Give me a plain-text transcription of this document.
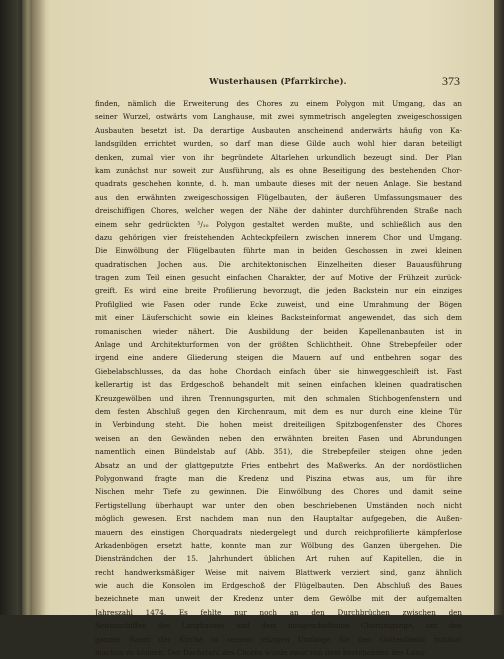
Wusterhausen (Pfarrkirche).	373
finden, nämlich die Erweiterung des Chores zu einem Polygon mit Umgang, das an
seiner Wurzel, ostwärts vom Langhause, mit zwei symmetrisch angelegten zweigeschossigen
Ausbauten besetzt ist. Da derartige Ausbauten anscheinend anderwärts häufig von Ka-
landsgilden errichtet wurden, so darf man diese Gilde auch wohl hier daran beteiligt
denken, zumal vier von ihr begründete Altarlehen urkundlich bezeugt sind. Der Plan
kam zunächst nur soweit zur Ausführung, als es ohne Beseitigung des bestehenden Chor-
quadrats geschehen konnte, d. h. man umbaute dieses mit der neuen Anlage. Sie bestand
aus den erwähnten zweigeschossigen Flügelbauten, der äußeren Umfassungsmauer des
dreischiffigen Chores, welcher wegen der Nähe der dahinter durchführenden Straße nach
einem sehr gedrückten ⁵/₁₀ Polygon gestaltet werden mußte, und schließlich aus den
dazu gehörigen vier freistehenden Achteckpfeilern zwischen innerem Chor und Umgang.
Die Einwölbung der Flügelbauten führte man in beiden Geschossen in zwei kleinen
quadratischen Jochen aus. Die architektonischen Einzelheiten dieser Bauausführung
tragen zum Teil einen gesucht einfachen Charakter, der auf Motive der Frühzeit zurück-
greift. Es wird eine breite Profilierung bevorzugt, die jeden Backstein nur ein einziges
Profilglied wie Fasen oder runde Ecke zuweist, und eine Umrahmung der Bögen
mit einer Läuferschicht sowie ein kleines Backsteinformat angewendet, das sich dem
romanischen wieder nähert. Die Ausbildung der beiden Kapellenanbauten ist in
Anlage und Architekturformen von der größten Schlichtheit. Ohne Strebepfeiler oder
irgend eine andere Gliederung steigen die Mauern auf und entbehren sogar des
Giebelabschlusses, da das hohe Chordach einfach über sie hinweggeschleift ist. Fast
kellerartig ist das Erdgeschoß behandelt mit seinen einfachen kleinen quadratischen
Kreuzgewölben und ihren Trennungsgurten, mit den schmalen Stichbogenfenstern und
dem festen Abschluß gegen den Kirchenraum, mit dem es nur durch eine kleine Tür
in Verbindung steht. Die hohen meist dreiteiligen Spitzbogenfenster des Chores
weisen an den Gewänden neben den erwähnten breiten Fasen und Abrundungen
namentlich einen Bündelstab auf (Abb. 351), die Strebepfeiler steigen ohne jeden
Absatz an und der glattgeputzte Fries entbehrt des Maßwerks. An der nordöstlichen
Polygonwand fragte man die Kredenz und Piszina etwas aus, um für ihre
Nischen mehr Tiefe zu gewinnen. Die Einwölbung des Chores und damit seine
Fertigstellung überhaupt war unter den oben beschriebenen Umständen noch nicht
möglich gewesen. Erst nachdem man nun den Hauptaltar aufgegeben, die Außen-
mauern des einstigen Chorquadrats niedergelegt und durch reichprofilierte kämpferlose
Arkadenbögen ersetzt hatte, konnte man zur Wölbung des Ganzen übergehen. Die
Diensträndchen der 15. Jahrhundert üblichen Art ruhen auf Kapitellen, die in
recht handwerksmäßiger Weise mit naivem Blattwerk verziert sind, ganz ähnlich
wie auch die Konsolen im Erdgeschoß der Flügelbauten. Den Abschluß des Baues
bezeichnete man unweit der Kredenz unter dem Gewölbe mit der aufgemalten
Jahreszahl 1474. Es fehlte nur noch an den Durchbrüchen zwischen den
Seitenschiffen des Langhauses und dem neugeschaffenen Chorumgange, um den
ganzen Raum der Kirche in seinem jetzigen Umfange für den Gottesdienst nutzbar
machen zu können. Der Dachstuhl des Chores wurde zwar von dem bestehenden des Lang-
